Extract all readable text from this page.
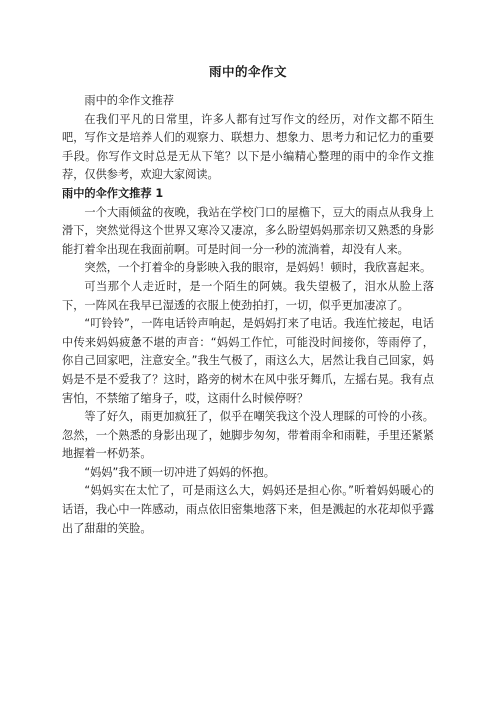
雨中的伞作文

雨中的伞作文推荐

在我们平凡的日常里，许多人都有过写作文的经历，对作文都不陌生吧，写作文是培养人们的观察力、联想力、想象力、思考力和记忆力的重要手段。你写作文时总是无从下笔？以下是小编精心整理的雨中的伞作文推荐，仅供参考，欢迎大家阅读。

雨中的伞作文推荐 1

一个大雨倾盆的夜晚，我站在学校门口的屋檐下，豆大的雨点从我身上滑下，突然觉得这个世界又寒冷又凄凉，多么盼望妈妈那亲切又熟悉的身影能打着伞出现在我面前啊。可是时间一分一秒的流淌着，却没有人来。

突然，一个打着伞的身影映入我的眼帘，是妈妈！顿时，我欣喜起来。

可当那个人走近时，是一个陌生的阿姨。我失望极了，泪水从脸上落下，一阵风在我早已湿透的衣服上使劲拍打，一切，似乎更加凄凉了。

“叮铃铃”，一阵电话铃声响起，是妈妈打来了电话。我连忙接起，电话中传来妈妈疲惫不堪的声音：“妈妈工作忙，可能没时间接你，等雨停了，你自己回家吧，注意安全。”我生气极了，雨这么大，居然让我自己回家，妈妈是不是不爱我了？这时，路旁的树木在风中张牙舞爪，左摇右晃。我有点害怕，不禁缩了缩身子，哎，这雨什么时候停呀？

等了好久，雨更加疯狂了，似乎在嘲笑我这个没人理睬的可怜的小孩。忽然，一个熟悉的身影出现了，她脚步匆匆，带着雨伞和雨鞋，手里还紧紧地握着一杯奶茶。

“妈妈”我不顾一切冲进了妈妈的怀抱。

“妈妈实在太忙了，可是雨这么大，妈妈还是担心你。”听着妈妈暖心的话语，我心中一阵感动，雨点依旧密集地落下来，但是溅起的水花却似乎露出了甜甜的笑脸。
